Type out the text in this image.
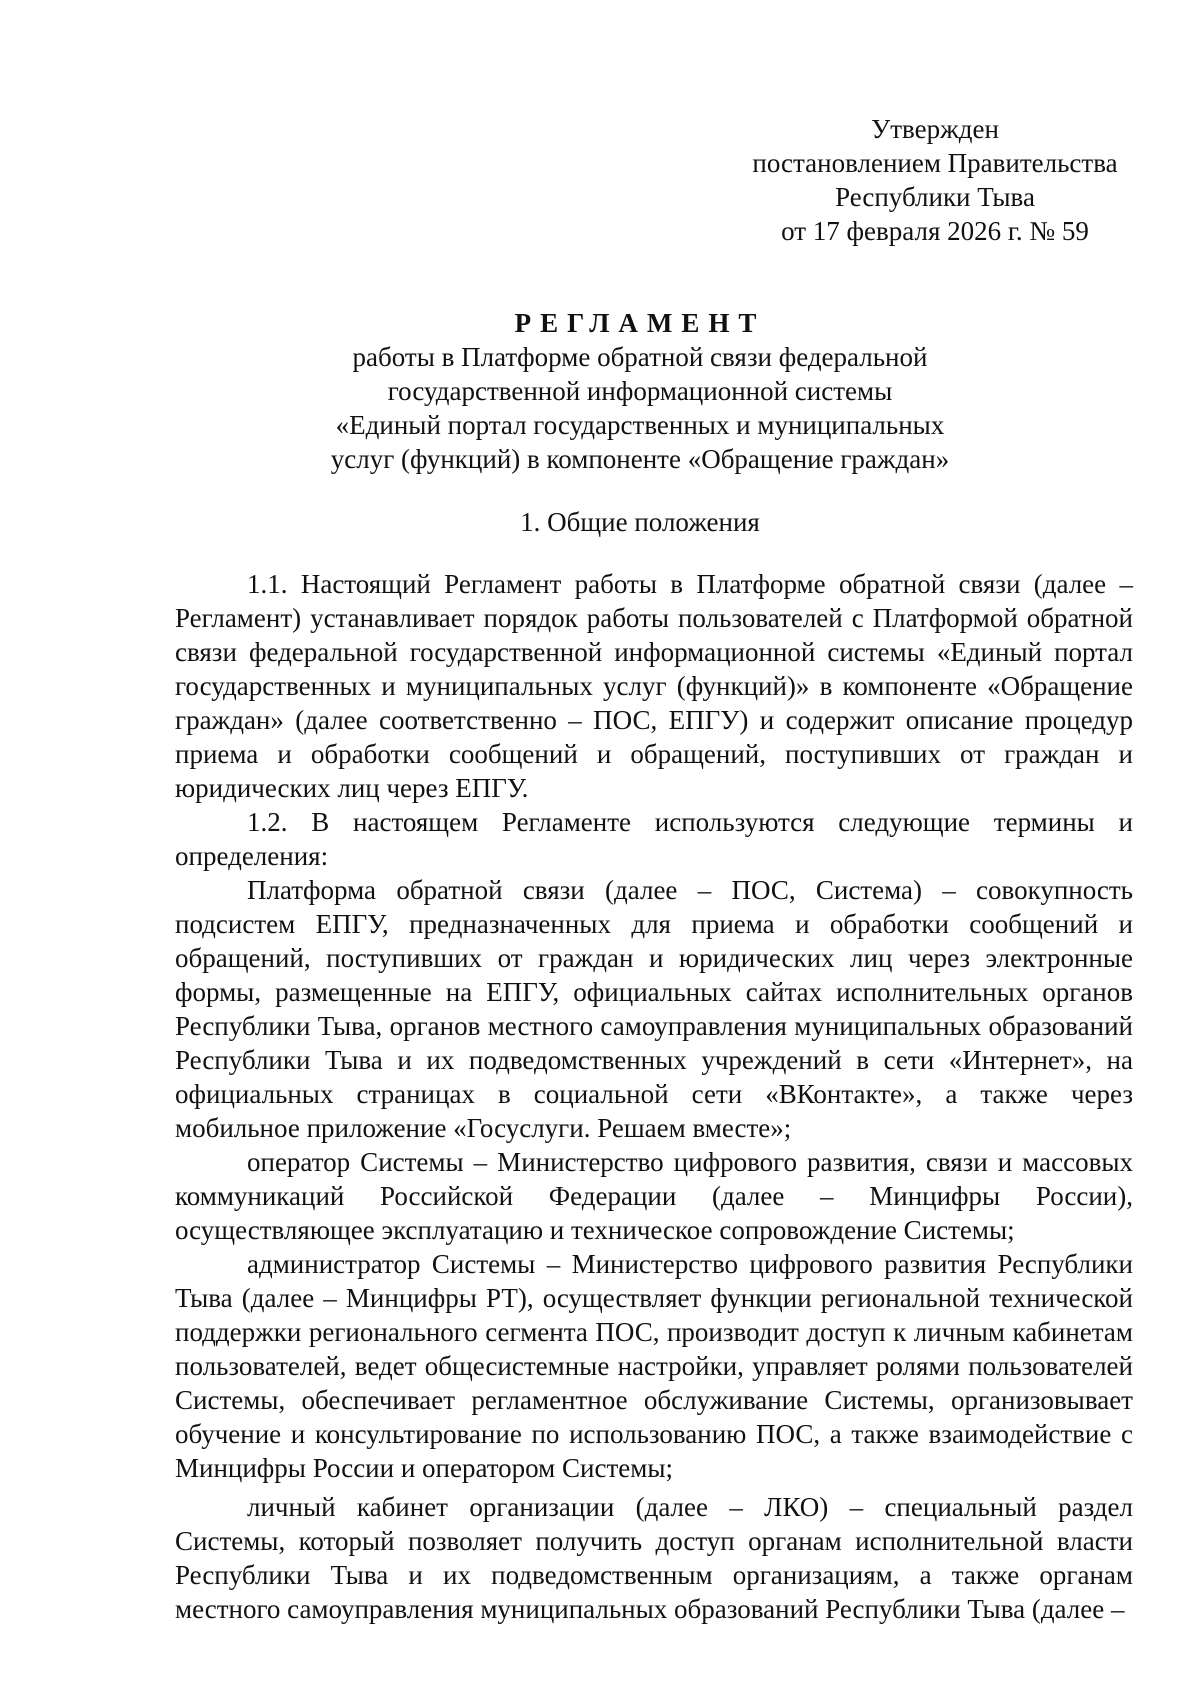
Утвержден
постановлением Правительства
Республики Тыва
от 17 февраля 2026 г. № 59
РЕГЛАМЕНТ
работы в Платформе обратной связи федеральной
государственной информационной системы
«Единый портал государственных и муниципальных
услуг (функций) в компоненте «Обращение граждан»
1. Общие положения

1.1. Настоящий Регламент работы в Платформе обратной связи (далее – Регламент) устанавливает порядок работы пользователей с Платформой обратной связи федеральной государственной информационной системы «Единый портал государственных и муниципальных услуг (функций)» в компоненте «Обращение граждан» (далее соответственно – ПОС, ЕПГУ) и содержит описание процедур приема и обработки сообщений и обращений, поступивших от граждан и юридических лиц через ЕПГУ.

1.2. В настоящем Регламенте используются следующие термины и определения:

Платформа обратной связи (далее – ПОС, Система) – совокупность подсистем ЕПГУ, предназначенных для приема и обработки сообщений и обращений, поступивших от граждан и юридических лиц через электронные формы, размещенные на ЕПГУ, официальных сайтах исполнительных органов Республики Тыва, органов местного самоуправления муниципальных образований Республики Тыва и их подведомственных учреждений в сети «Интернет», на официальных страницах в социальной сети «ВКонтакте», а также через мобильное приложение «Госуслуги. Решаем вместе»;

оператор Системы – Министерство цифрового развития, связи и массовых коммуникаций Российской Федерации (далее – Минцифры России), осуществляющее эксплуатацию и техническое сопровождение Системы;

администратор Системы – Министерство цифрового развития Республики Тыва (далее – Минцифры РТ), осуществляет функции региональной технической поддержки регионального сегмента ПОС, производит доступ к личным кабинетам пользователей, ведет общесистемные настройки, управляет ролями пользователей Системы, обеспечивает регламентное обслуживание Системы, организовывает обучение и консультирование по использованию ПОС, а также взаимодействие с Минцифры России и оператором Системы;

личный кабинет организации (далее – ЛКО) – специальный раздел Системы, который позволяет получить доступ органам исполнительной власти Республики Тыва и их подведомственным организациям, а также органам местного самоуправления муниципальных образований Республики Тыва (далее –
